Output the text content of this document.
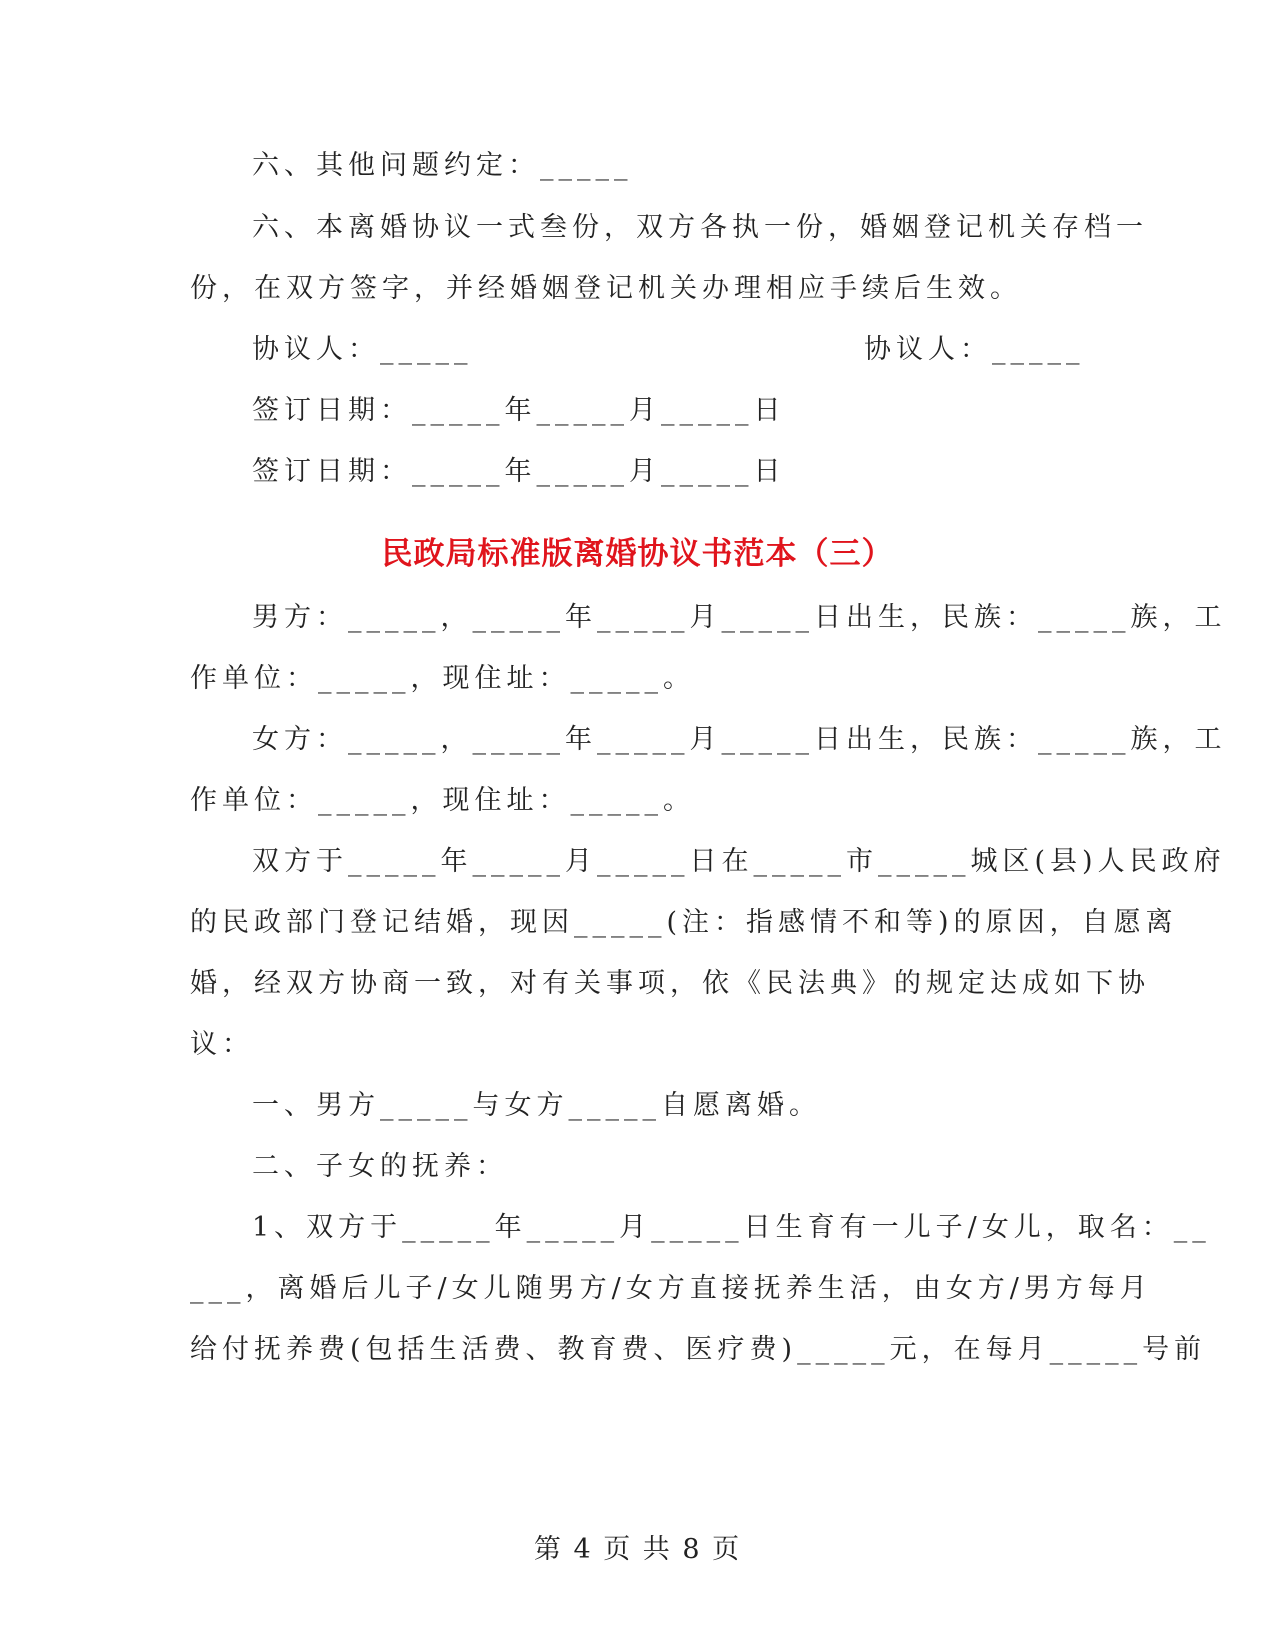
六、其他问题约定：_____
六、本离婚协议一式叁份，双方各执一份，婚姻登记机关存档一
份，在双方签字，并经婚姻登记机关办理相应手续后生效。
协议人：_____	协议人：_____
签订日期：_____年_____月_____日
签订日期：_____年_____月_____日
民政局标准版离婚协议书范本（三）
男方：_____，_____年_____月_____日出生，民族：_____族，工
作单位：_____，现住址：_____。
女方：_____，_____年_____月_____日出生，民族：_____族，工
作单位：_____，现住址：_____。
双方于_____年_____月_____日在_____市_____城区(县)人民政府
的民政部门登记结婚，现因_____(注：指感情不和等)的原因，自愿离
婚，经双方协商一致，对有关事项，依《民法典》的规定达成如下协
议：
一、男方_____与女方_____自愿离婚。
二、子女的抚养：
1、双方于_____年_____月_____日生育有一儿子/女儿，取名：__
___，离婚后儿子/女儿随男方/女方直接抚养生活，由女方/男方每月
给付抚养费(包括生活费、教育费、医疗费)_____元，在每月_____号前
第 4 页 共 8 页
